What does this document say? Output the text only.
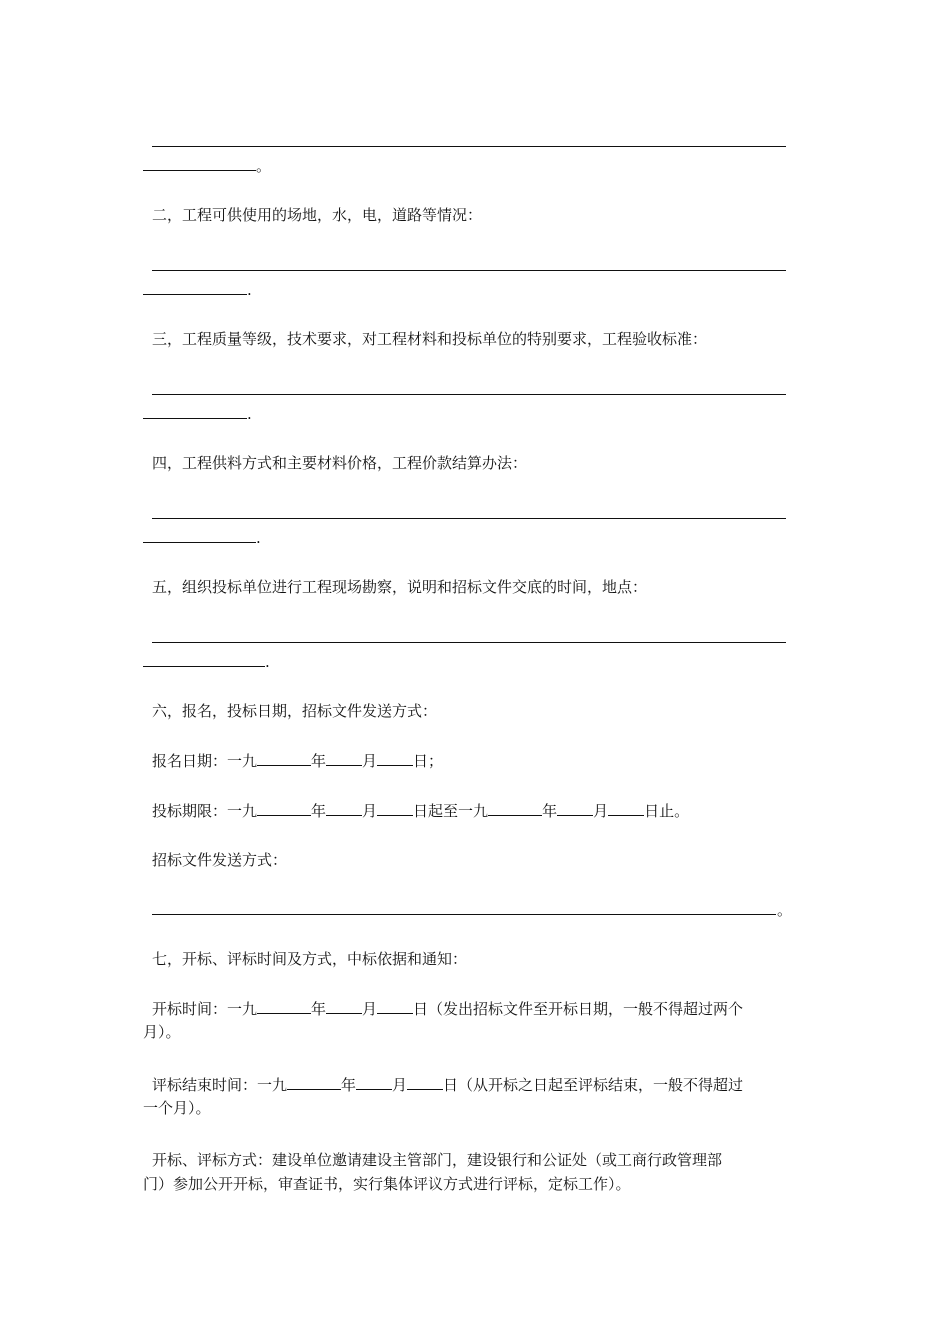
。
二，工程可供使用的场地，水，电，道路等情况：
.
三，工程质量等级，技术要求，对工程材料和投标单位的特别要求，工程验收标准：
.
四，工程供料方式和主要材料价格，工程价款结算办法：
.
五，组织投标单位进行工程现场勘察，说明和招标文件交底的时间，地点：
.
六，报名，投标日期，招标文件发送方式：
报名日期：一九	年 月 日；
投标期限：一九	年 月 日起至一九	年 月 日止。
招标文件发送方式：
。
七，开标、评标时间及方式，中标依据和通知：
开标时间：一九	年 月 日（发出招标文件至开标日期，一般不得超过两个
月）。
评标结束时间：一九	年 月 日（从开标之日起至评标结束，一般不得超过
一个月）。
开标、评标方式：建设单位邀请建设主管部门，建设银行和公证处（或工商行政管理部
门）参加公开开标，审查证书，实行集体评议方式进行评标，定标工作）。
